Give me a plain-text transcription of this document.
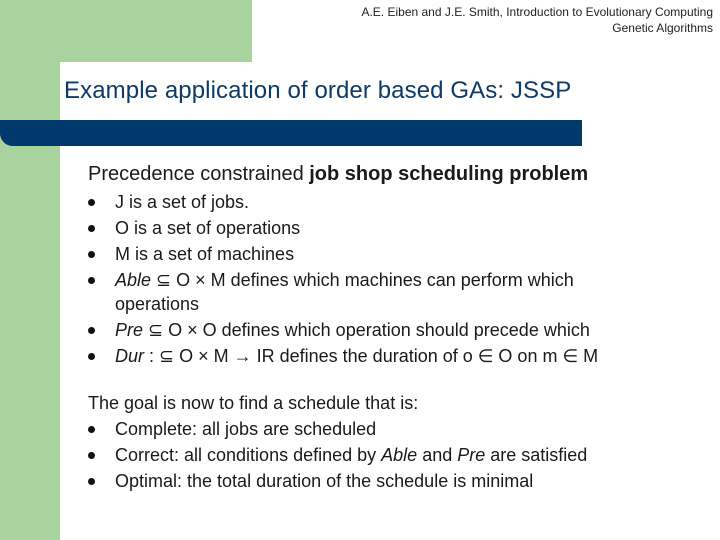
A.E. Eiben and J.E. Smith, Introduction to Evolutionary Computing
Genetic Algorithms
Example application of order based GAs: JSSP
Precedence constrained job shop scheduling problem
J is a set of jobs.
O is a set of operations
M is a set of machines
Able ⊆ O × M defines which machines can perform which operations
Pre ⊆ O × O defines which operation should precede which
Dur : ⊆ O × M → IR defines the duration of o ∈ O on m ∈ M
The goal is now to find a schedule that is:
Complete: all jobs are scheduled
Correct: all conditions defined by Able and Pre are satisfied
Optimal: the total duration of the schedule is minimal
